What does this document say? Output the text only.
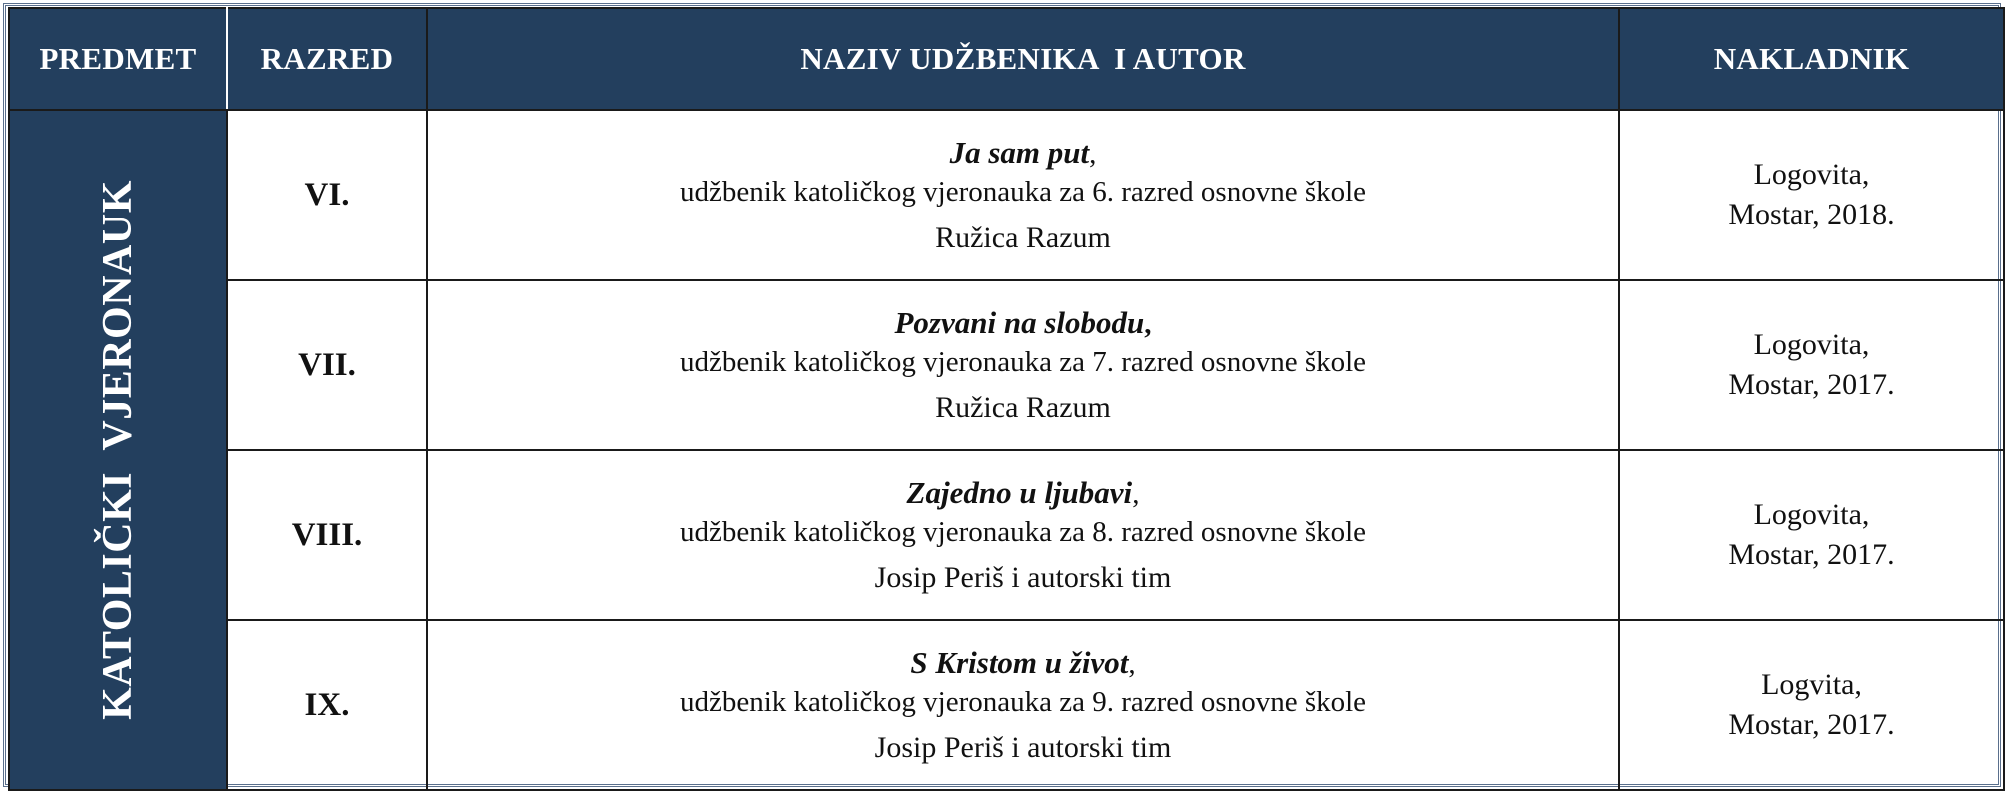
PREDMET	RAZRED	NAZIV UDŽBENIKA  I AUTOR	NAKLADNIK

KATOLIČKI  VJERONAUK	VI.	Ja sam put,
udžbenik katoličkog vjeronauka za 6. razred osnovne škole
Ružica Razum	Logovita,
Mostar, 2018.
	VII.	Pozvani na slobodu,
udžbenik katoličkog vjeronauka za 7. razred osnovne škole
Ružica Razum	Logovita,
Mostar, 2017.
	VIII.	Zajedno u ljubavi,
udžbenik katoličkog vjeronauka za 8. razred osnovne škole
Josip Periš i autorski tim	Logovita,
Mostar, 2017.
	IX.	S Kristom u život,
udžbenik katoličkog vjeronauka za 9. razred osnovne škole
Josip Periš i autorski tim	Logvita,
Mostar, 2017.
